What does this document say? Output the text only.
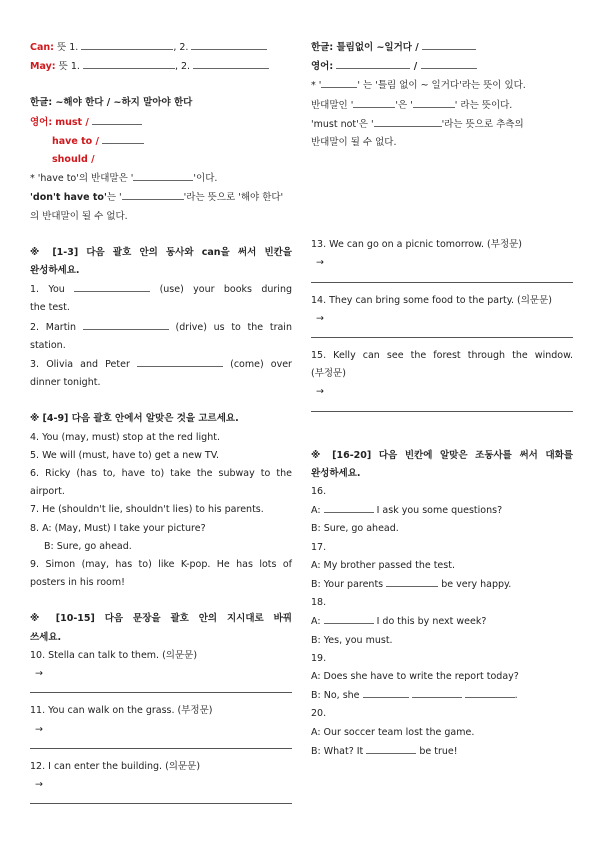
Can: 뜻 1.	, 2.
May: 뜻 1.	, 2.
한글: ~해야 한다 / ~하지 말아야 한다
영어: must /
have to /
should /
* 'have to'의 반대말은 '	'이다.
'don't have to'는 '	'라는 뜻으로 '해야 한다'
의 반대말이 될 수 없다.
※ [1-3] 다음 괄호 안의 동사와 can을 써서 빈칸을
완성하세요.
1. You	(use) your books during
the test.
2. Martin	(drive) us to the train
station.
3. Olivia and Peter	(come) over
dinner tonight.
※ [4-9] 다음 괄호 안에서 알맞은 것을 고르세요.
4. You (may, must) stop at the red light.
5. We will (must, have to) get a new TV.
6. Ricky (has to, have to) take the subway to the
airport.
7. He (shouldn't lie, shouldn't lies) to his parents.
8. A: (May, Must) I take your picture?
B: Sure, go ahead.
9. Simon (may, has to) like K-pop. He has lots of
posters in his room!
※ [10-15] 다음 문장을 괄호 안의 지시대로 바꿔
쓰세요.
10. Stella can talk to them. (의문문)
→
11. You can walk on the grass. (부정문)
→
12. I can enter the building. (의문문)
→
한글: 틀림없이 ~일거다 /
영어:	/
* '	' 는 '틀림 없이 ~ 일거다'라는 뜻이 있다.
반대말인 '	'은 '	' 라는 뜻이다.
'must not'은 '	'라는 뜻으로 추측의
반대말이 될 수 없다.
13. We can go on a picnic tomorrow. (부정문)
→
14. They can bring some food to the party. (의문문)
→
15. Kelly can see the forest through the window.
(부정문)
→
※ [16-20] 다음 빈칸에 알맞은 조동사를 써서 대화를
완성하세요.
16.
A:	I ask you some questions?
B: Sure, go ahead.
17.
A: My brother passed the test.
B: Your parents	be very happy.
18.
A:	I do this by next week?
B: Yes, you must.
19.
A: Does she have to write the report today?
B: No, she	.
20.
A: Our soccer team lost the game.
B: What? It	be true!
